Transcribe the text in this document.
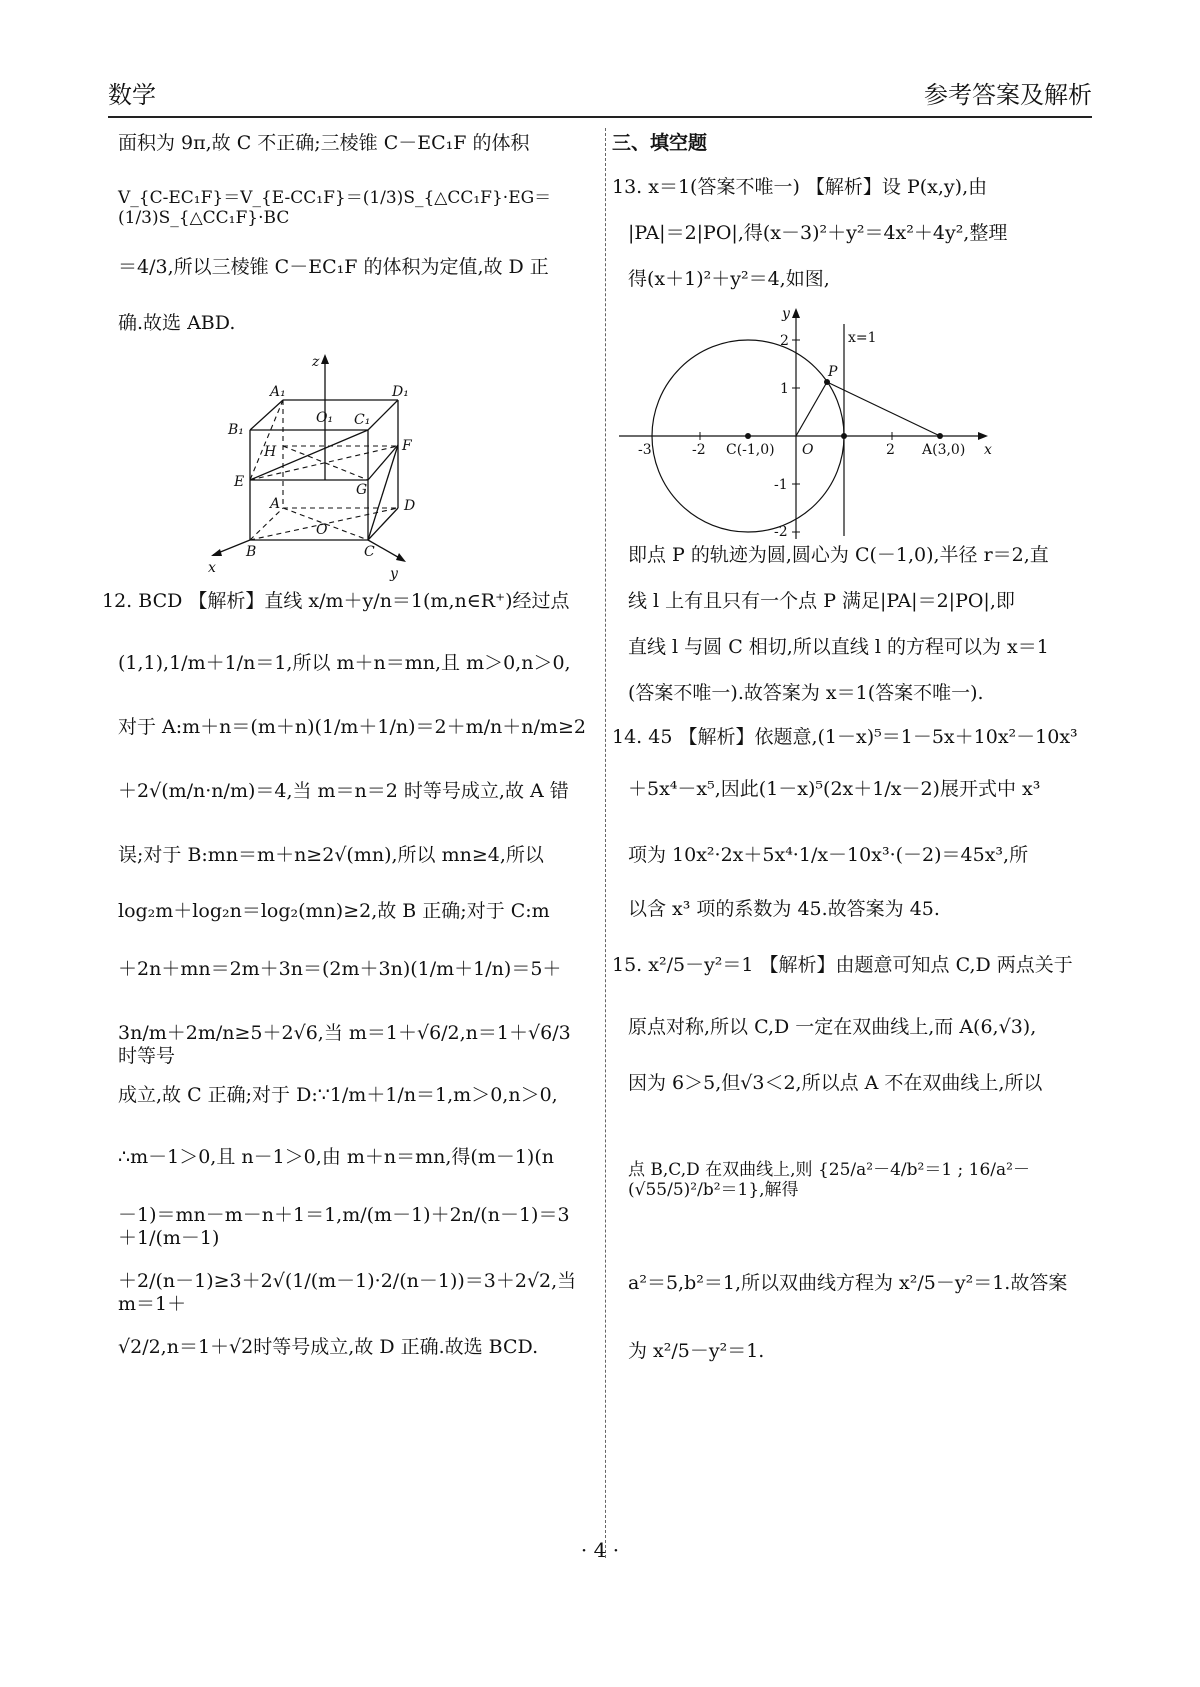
数学	参考答案及解析

面积为 9π,故 C 不正确;三棱锥 C－EC₁F 的体积

V_{C-EC₁F}＝V_{E-CC₁F}＝(1/3)S_{△CC₁F}·EG＝(1/3)S_{△CC₁F}·BC

＝4/3,所以三棱锥 C－EC₁F 的体积为定值,故 D 正

确.故选 ABD.

z
A₁	D₁
O₁ C₁
B₁
H	F
E
A
G
D
O
B	C
x	y

12. BCD 【解析】直线 x/m＋y/n＝1(m,n∈R⁺)经过点

(1,1),1/m＋1/n＝1,所以 m＋n＝mn,且 m＞0,n＞0,

对于 A:m＋n＝(m＋n)(1/m＋1/n)＝2＋m/n＋n/m≥2

＋2√(m/n·n/m)＝4,当 m＝n＝2 时等号成立,故 A 错

误;对于 B:mn＝m＋n≥2√(mn),所以 mn≥4,所以

log₂m＋log₂n＝log₂(mn)≥2,故 B 正确;对于 C:m

＋2n＋mn＝2m＋3n＝(2m＋3n)(1/m＋1/n)＝5＋

3n/m＋2m/n≥5＋2√6,当 m＝1＋√6/2,n＝1＋√6/3时等号

成立,故 C 正确;对于 D:∵1/m＋1/n＝1,m＞0,n＞0,

∴m－1＞0,且 n－1＞0,由 m＋n＝mn,得(m－1)(n

－1)＝mn－m－n＋1＝1,m/(m－1)＋2n/(n－1)＝3＋1/(m－1)

＋2/(n－1)≥3＋2√(1/(m－1)·2/(n－1))＝3＋2√2,当 m＝1＋

√2/2,n＝1＋√2时等号成立,故 D 正确.故选 BCD.

三、填空题

13. x＝1(答案不唯一) 【解析】设 P(x,y),由

|PA|＝2|PO|,得(x－3)²＋y²＝4x²＋4y²,整理

得(x＋1)²＋y²＝4,如图,

y
x
x=1
P
O
C(-1,0)	A(3,0)
-3	-2	2
2
1
-1
-2

即点 P 的轨迹为圆,圆心为 C(－1,0),半径 r＝2,直

线 l 上有且只有一个点 P 满足|PA|＝2|PO|,即

直线 l 与圆 C 相切,所以直线 l 的方程可以为 x＝1

(答案不唯一).故答案为 x＝1(答案不唯一).

14. 45 【解析】依题意,(1－x)⁵＝1－5x＋10x²－10x³

＋5x⁴－x⁵,因此(1－x)⁵(2x＋1/x－2)展开式中 x³

项为 10x²·2x＋5x⁴·1/x－10x³·(－2)＝45x³,所

以含 x³ 项的系数为 45.故答案为 45.

15. x²/5－y²＝1 【解析】由题意可知点 C,D 两点关于

原点对称,所以 C,D 一定在双曲线上,而 A(6,√3),

因为 6＞5,但√3＜2,所以点 A 不在双曲线上,所以

点 B,C,D 在双曲线上,则 {25/a²－4/b²＝1 ; 16/a²－(√55/5)²/b²＝1},解得

a²＝5,b²＝1,所以双曲线方程为 x²/5－y²＝1.故答案

为 x²/5－y²＝1.

· 4 ·
